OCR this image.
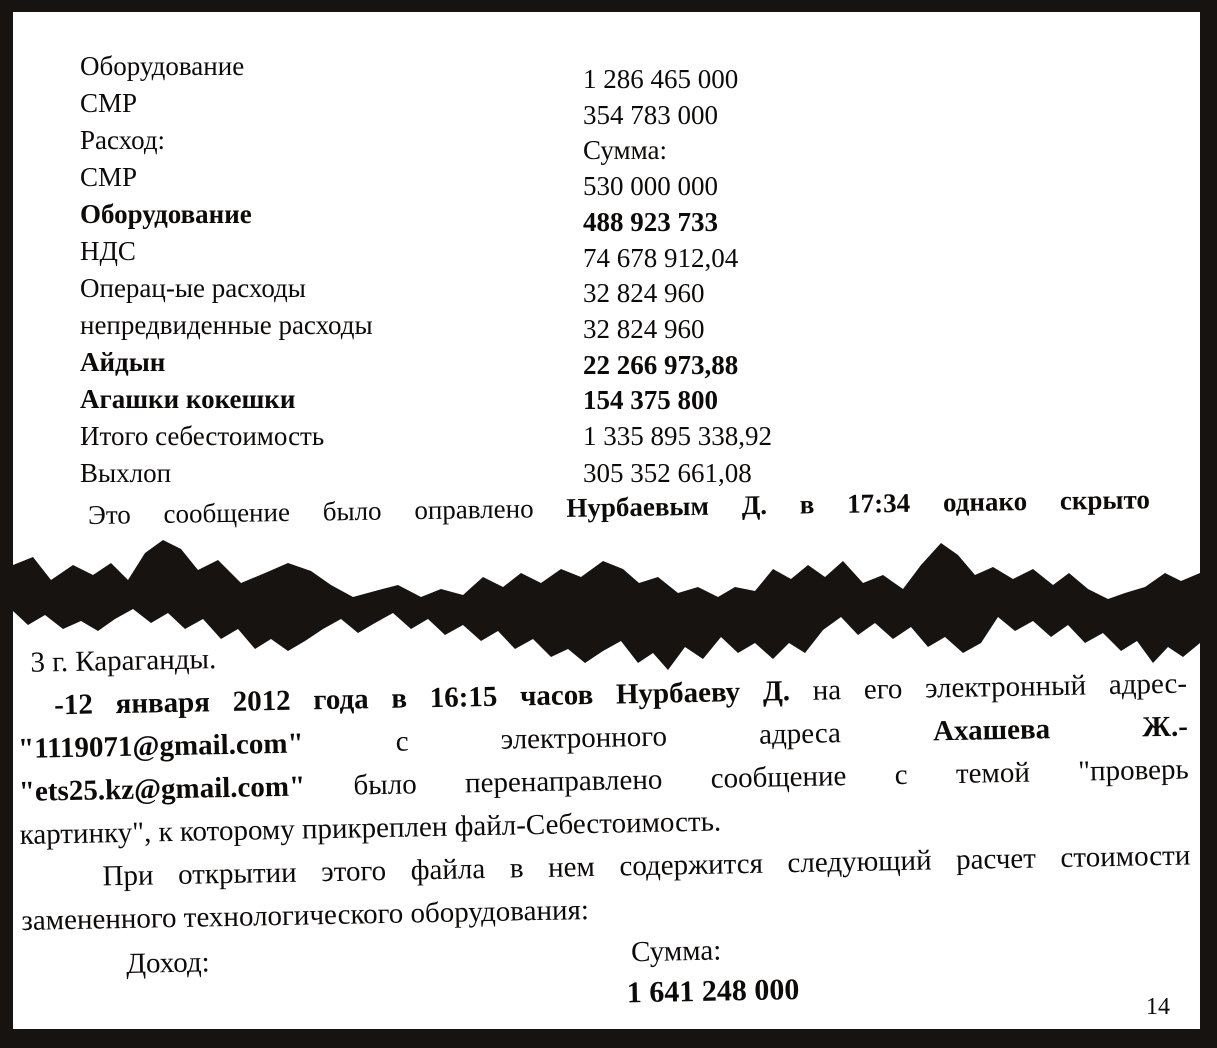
Оборудование	1 286 465 000
СМР	354 783 000
Расход:	Сумма:
СМР	530 000 000
Оборудование	488 923 733
НДС	74 678 912,04
Операц-ые расходы	32 824 960
непредвиденные расходы	32 824 960
Айдын	22 266 973,88
Агашки кокешки	154 375 800
Итого себестоимость	1 335 895 338,92
Выхлоп	305 352 661,08
Это сообщение было оправлено Нурбаевым Д. в 17:34 однако скрыто
3 г. Караганды.
-12 января 2012 года в 16:15 часов Нурбаеву Д. на его электронный адрес-
"1119071@gmail.com" с электронного адреса Ахашева Ж.-
"ets25.kz@gmail.com" было перенаправлено сообщение с темой "проверь
картинку", к которому прикреплен файл-Себестоимость.
При открытии этого файла в нем содержится следующий расчет стоимости
замененного технологического оборудования:
Доход:	Сумма:
1 641 248 000	14
